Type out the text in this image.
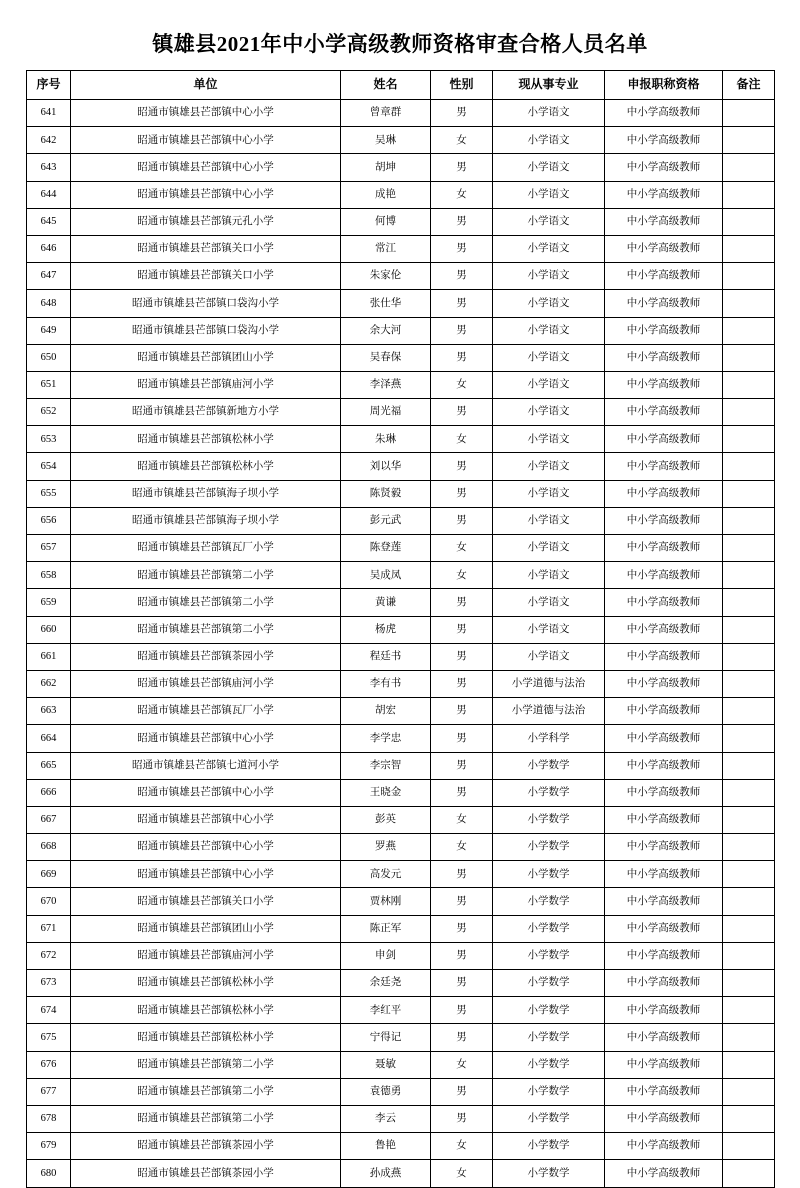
镇雄县2021年中小学高级教师资格审查合格人员名单
序号	单位	姓名	性别	现从事专业	申报职称资格	备注
641	昭通市镇雄县芒部镇中心小学	曾章群	男	小学语文	中小学高级教师	
642	昭通市镇雄县芒部镇中心小学	吴琳	女	小学语文	中小学高级教师	
643	昭通市镇雄县芒部镇中心小学	胡坤	男	小学语文	中小学高级教师	
644	昭通市镇雄县芒部镇中心小学	成艳	女	小学语文	中小学高级教师	
645	昭通市镇雄县芒部镇元孔小学	何博	男	小学语文	中小学高级教师	
646	昭通市镇雄县芒部镇关口小学	常江	男	小学语文	中小学高级教师	
647	昭通市镇雄县芒部镇关口小学	朱家伦	男	小学语文	中小学高级教师	
648	昭通市镇雄县芒部镇口袋沟小学	张仕华	男	小学语文	中小学高级教师	
649	昭通市镇雄县芒部镇口袋沟小学	余大河	男	小学语文	中小学高级教师	
650	昭通市镇雄县芒部镇团山小学	吴春保	男	小学语文	中小学高级教师	
651	昭通市镇雄县芒部镇庙河小学	李泽燕	女	小学语文	中小学高级教师	
652	昭通市镇雄县芒部镇新地方小学	周光福	男	小学语文	中小学高级教师	
653	昭通市镇雄县芒部镇松林小学	朱琳	女	小学语文	中小学高级教师	
654	昭通市镇雄县芒部镇松林小学	刘以华	男	小学语文	中小学高级教师	
655	昭通市镇雄县芒部镇海子坝小学	陈贤毅	男	小学语文	中小学高级教师	
656	昭通市镇雄县芒部镇海子坝小学	彭元武	男	小学语文	中小学高级教师	
657	昭通市镇雄县芒部镇瓦厂小学	陈登莲	女	小学语文	中小学高级教师	
658	昭通市镇雄县芒部镇第二小学	吴成凤	女	小学语文	中小学高级教师	
659	昭通市镇雄县芒部镇第二小学	黄谦	男	小学语文	中小学高级教师	
660	昭通市镇雄县芒部镇第二小学	杨虎	男	小学语文	中小学高级教师	
661	昭通市镇雄县芒部镇茶园小学	程廷书	男	小学语文	中小学高级教师	
662	昭通市镇雄县芒部镇庙河小学	李有书	男	小学道德与法治	中小学高级教师	
663	昭通市镇雄县芒部镇瓦厂小学	胡宏	男	小学道德与法治	中小学高级教师	
664	昭通市镇雄县芒部镇中心小学	李学忠	男	小学科学	中小学高级教师	
665	昭通市镇雄县芒部镇七道河小学	李宗智	男	小学数学	中小学高级教师	
666	昭通市镇雄县芒部镇中心小学	王晓金	男	小学数学	中小学高级教师	
667	昭通市镇雄县芒部镇中心小学	彭英	女	小学数学	中小学高级教师	
668	昭通市镇雄县芒部镇中心小学	罗燕	女	小学数学	中小学高级教师	
669	昭通市镇雄县芒部镇中心小学	高发元	男	小学数学	中小学高级教师	
670	昭通市镇雄县芒部镇关口小学	贾林刚	男	小学数学	中小学高级教师	
671	昭通市镇雄县芒部镇团山小学	陈正军	男	小学数学	中小学高级教师	
672	昭通市镇雄县芒部镇庙河小学	申剑	男	小学数学	中小学高级教师	
673	昭通市镇雄县芒部镇松林小学	余廷尧	男	小学数学	中小学高级教师	
674	昭通市镇雄县芒部镇松林小学	李红平	男	小学数学	中小学高级教师	
675	昭通市镇雄县芒部镇松林小学	宁得记	男	小学数学	中小学高级教师	
676	昭通市镇雄县芒部镇第二小学	聂敏	女	小学数学	中小学高级教师	
677	昭通市镇雄县芒部镇第二小学	袁德勇	男	小学数学	中小学高级教师	
678	昭通市镇雄县芒部镇第二小学	李云	男	小学数学	中小学高级教师	
679	昭通市镇雄县芒部镇茶园小学	鲁艳	女	小学数学	中小学高级教师	
680	昭通市镇雄县芒部镇茶园小学	孙成燕	女	小学数学	中小学高级教师	
